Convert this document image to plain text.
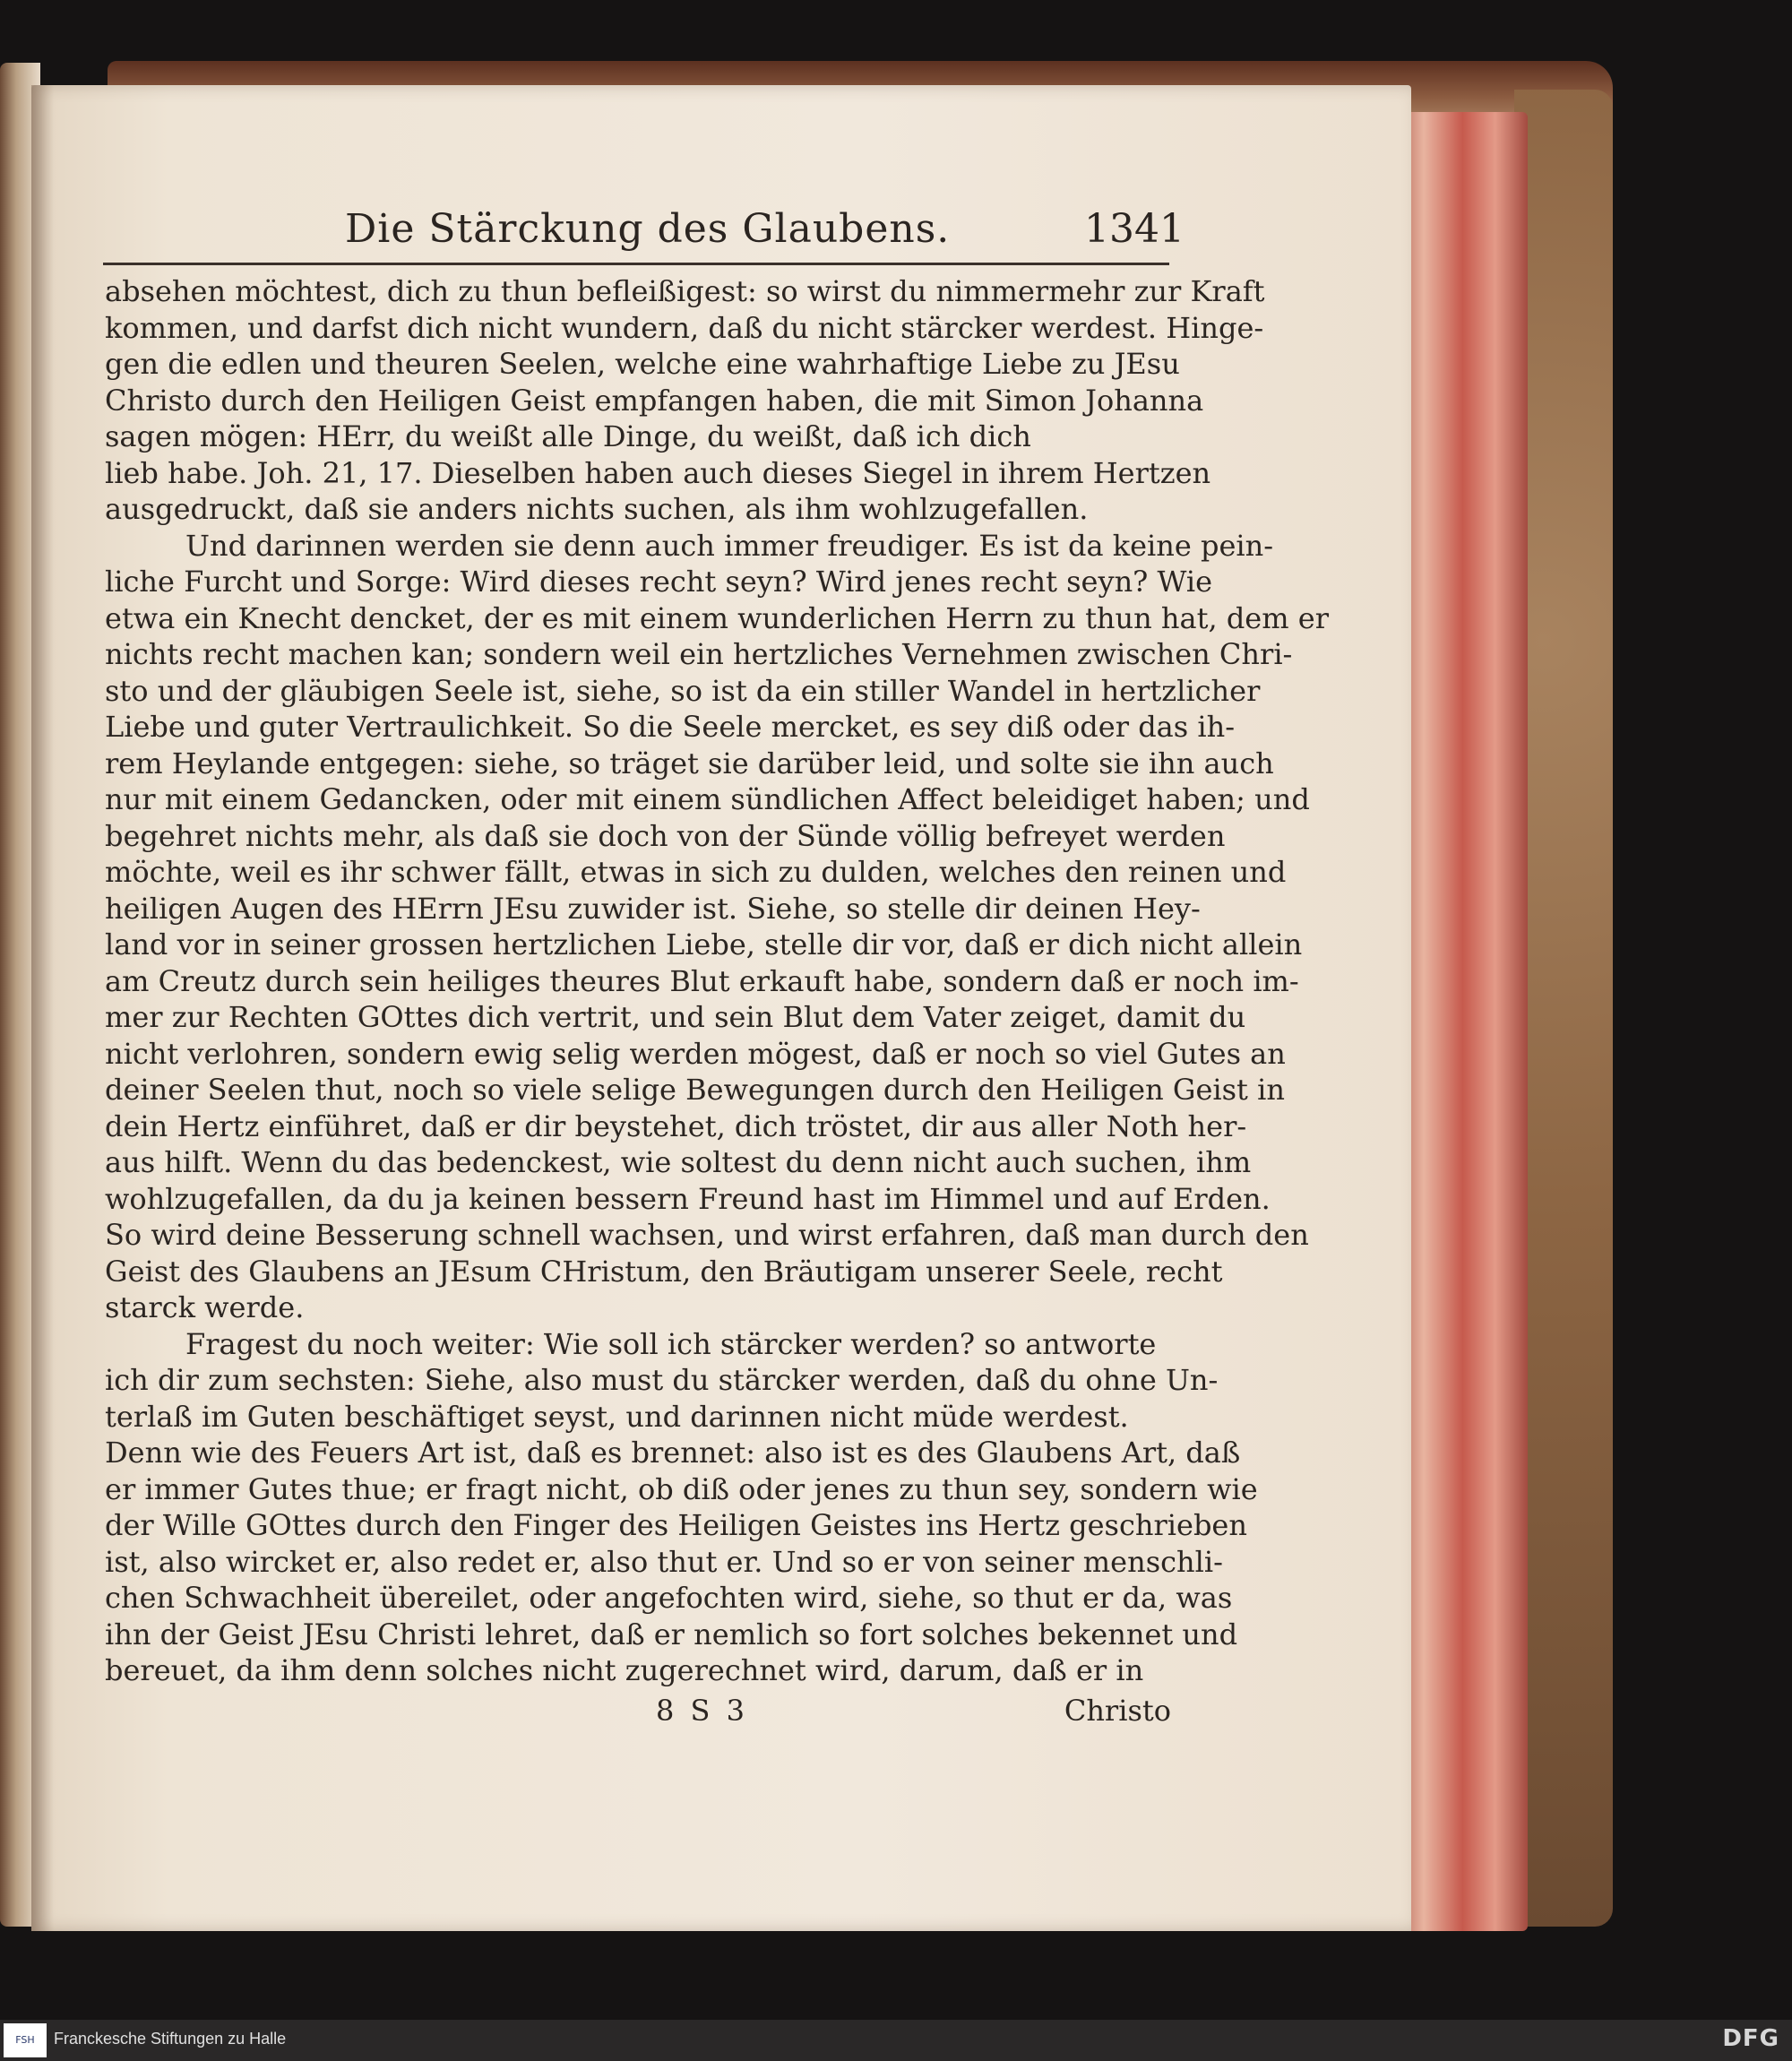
Die Stärckung des Glaubens.	1341
absehen möchtest, dich zu thun befleißigest: so wirst du nimmermehr zur Kraft
kommen, und darfst dich nicht wundern, daß du nicht stärcker werdest. Hinge-
gen die edlen und theuren Seelen, welche eine wahrhaftige Liebe zu JEsu
Christo durch den Heiligen Geist empfangen haben, die mit Simon Johanna
sagen mögen: HErr, du weißt alle Dinge, du weißt, daß ich dich
lieb habe. Joh. 21, 17. Dieselben haben auch dieses Siegel in ihrem Hertzen
ausgedruckt, daß sie anders nichts suchen, als ihm wohlzugefallen.
Und darinnen werden sie denn auch immer freudiger. Es ist da keine pein-
liche Furcht und Sorge: Wird dieses recht seyn? Wird jenes recht seyn? Wie
etwa ein Knecht dencket, der es mit einem wunderlichen Herrn zu thun hat, dem er
nichts recht machen kan; sondern weil ein hertzliches Vernehmen zwischen Chri-
sto und der gläubigen Seele ist, siehe, so ist da ein stiller Wandel in hertzlicher
Liebe und guter Vertraulichkeit. So die Seele mercket, es sey diß oder das ih-
rem Heylande entgegen: siehe, so träget sie darüber leid, und solte sie ihn auch
nur mit einem Gedancken, oder mit einem sündlichen Affect beleidiget haben; und
begehret nichts mehr, als daß sie doch von der Sünde völlig befreyet werden
möchte, weil es ihr schwer fällt, etwas in sich zu dulden, welches den reinen und
heiligen Augen des HErrn JEsu zuwider ist. Siehe, so stelle dir deinen Hey-
land vor in seiner grossen hertzlichen Liebe, stelle dir vor, daß er dich nicht allein
am Creutz durch sein heiliges theures Blut erkauft habe, sondern daß er noch im-
mer zur Rechten GOttes dich vertrit, und sein Blut dem Vater zeiget, damit du
nicht verlohren, sondern ewig selig werden mögest, daß er noch so viel Gutes an
deiner Seelen thut, noch so viele selige Bewegungen durch den Heiligen Geist in
dein Hertz einführet, daß er dir beystehet, dich tröstet, dir aus aller Noth her-
aus hilft. Wenn du das bedenckest, wie soltest du denn nicht auch suchen, ihm
wohlzugefallen, da du ja keinen bessern Freund hast im Himmel und auf Erden.
So wird deine Besserung schnell wachsen, und wirst erfahren, daß man durch den
Geist des Glaubens an JEsum CHristum, den Bräutigam unserer Seele, recht
starck werde.
Fragest du noch weiter: Wie soll ich stärcker werden? so antworte
ich dir zum sechsten: Siehe, also must du stärcker werden, daß du ohne Un-
terlaß im Guten beschäftiget seyst, und darinnen nicht müde werdest.
Denn wie des Feuers Art ist, daß es brennet: also ist es des Glaubens Art, daß
er immer Gutes thue; er fragt nicht, ob diß oder jenes zu thun sey, sondern wie
der Wille GOttes durch den Finger des Heiligen Geistes ins Hertz geschrieben
ist, also wircket er, also redet er, also thut er. Und so er von seiner menschli-
chen Schwachheit übereilet, oder angefochten wird, siehe, so thut er da, was
ihn der Geist JEsu Christi lehret, daß er nemlich so fort solches bekennet und
bereuet, da ihm denn solches nicht zugerechnet wird, darum, daß er in
8 S 3	Christo
FSH	Franckesche Stiftungen zu Halle	DFG
